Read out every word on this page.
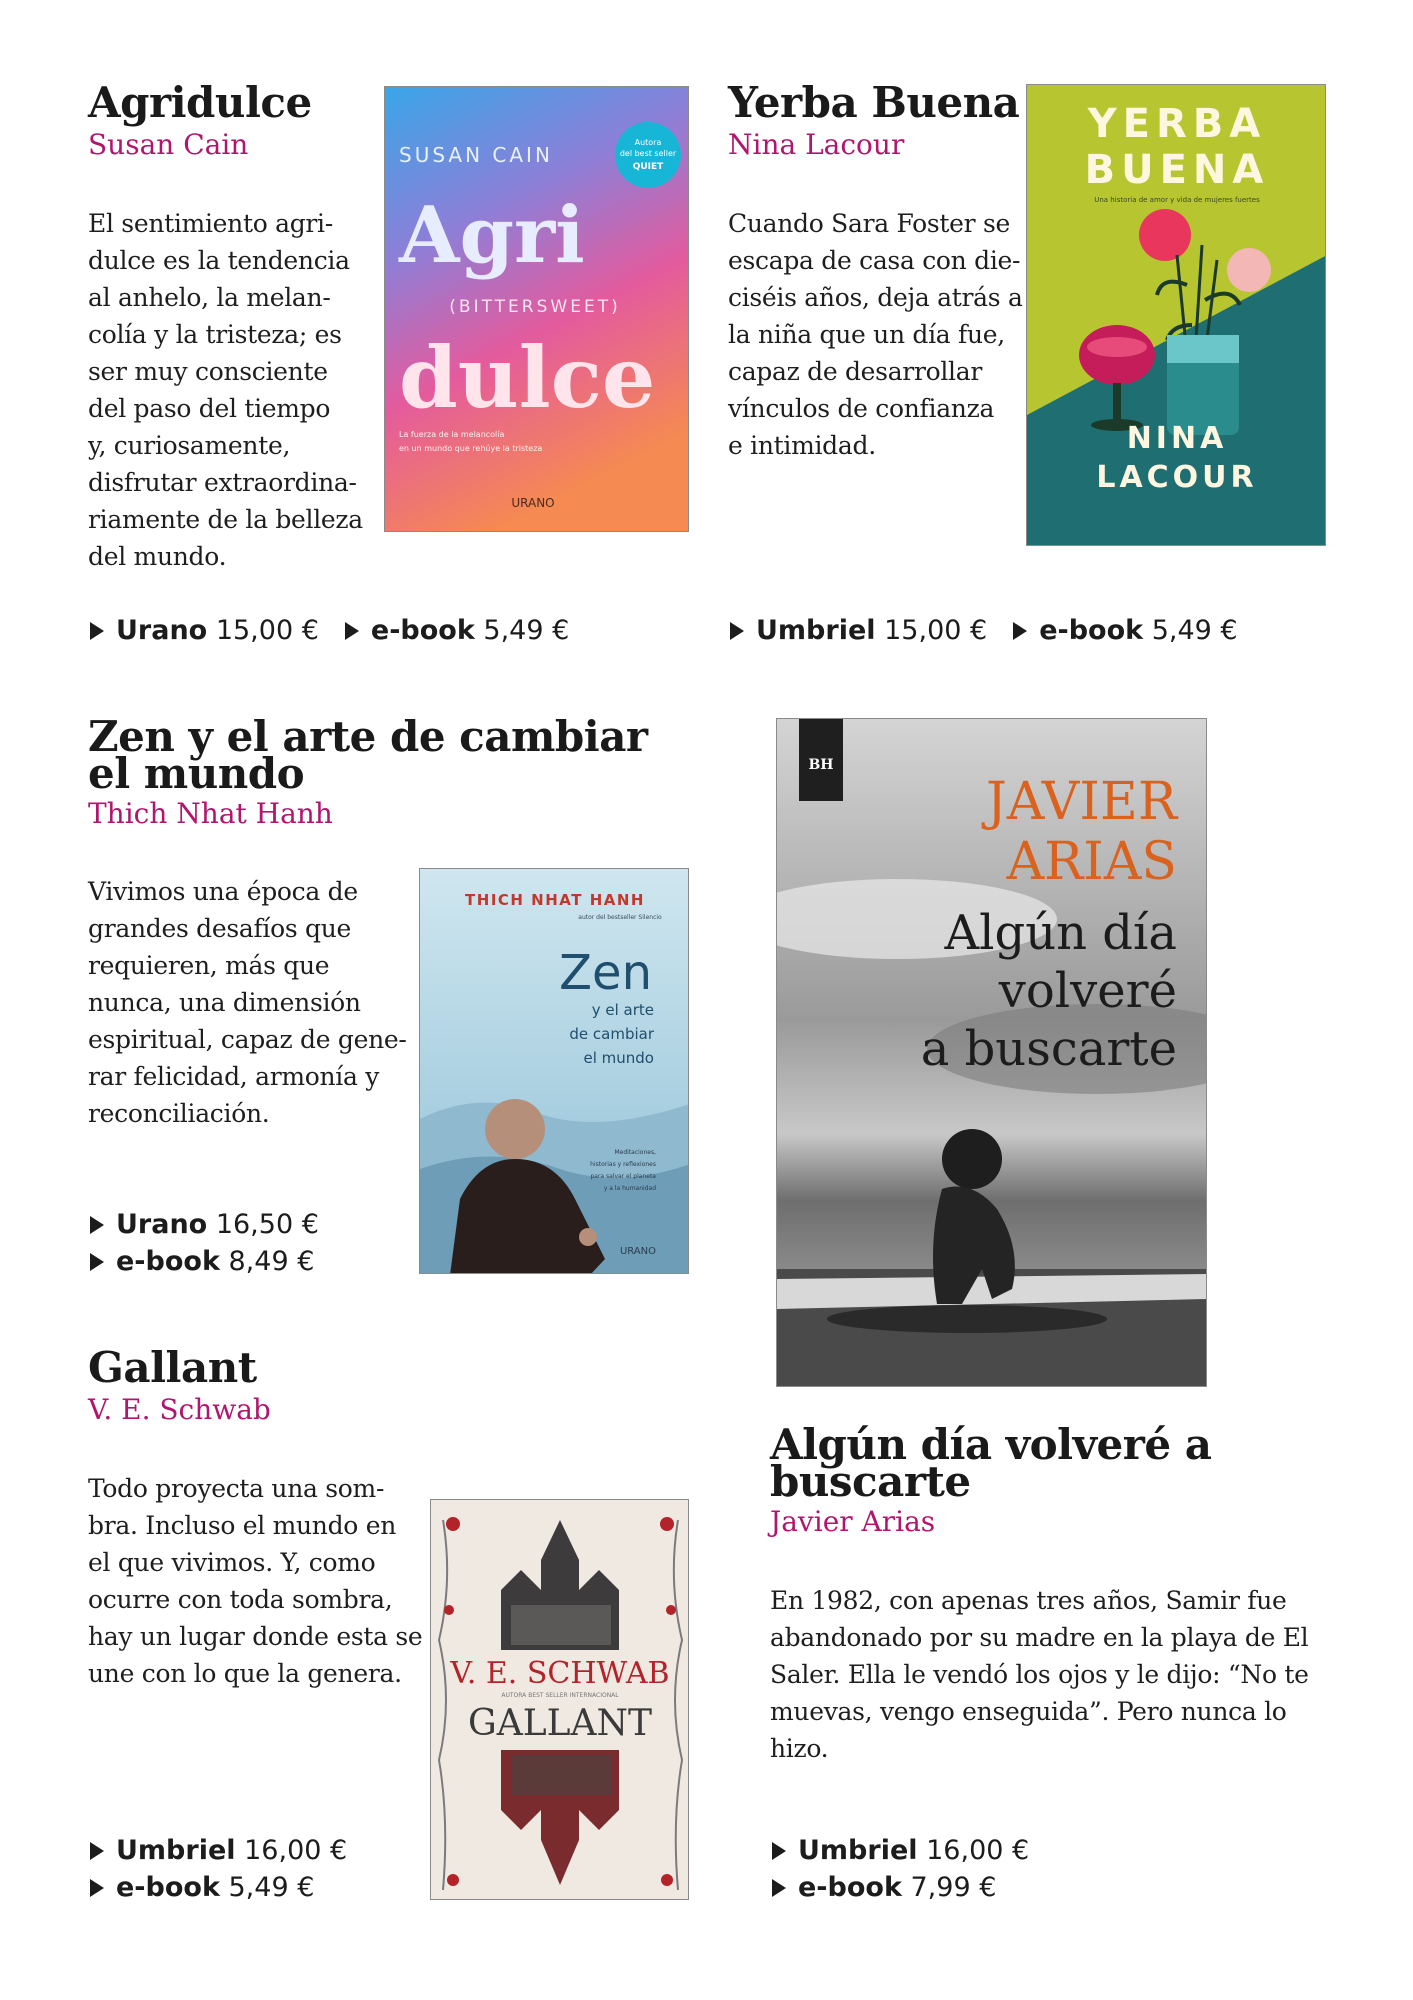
Agridulce
Susan Cain
El sentimiento agri-
dulce es la tendencia
al anhelo, la melan-
colía y la tristeza; es
ser muy consciente
del paso del tiempo
y, curiosamente,
disfrutar extraordina-
riamente de la belleza
del mundo.
Urano 15,00 € e-book 5,49 €
SUSAN CAIN
Autora
del best seller
QUIET
Agri
(BITTERSWEET)
dulce
La fuerza de la melancolía
en un mundo que rehúye la tristeza
URANO
Yerba Buena
Nina Lacour
Cuando Sara Foster se
escapa de casa con die-
ciséis años, deja atrás a
la niña que un día fue,
capaz de desarrollar
vínculos de confianza
e intimidad.
Umbriel 15,00 € e-book 5,49 €
YERBA
BUENA
Una historia de amor y vida de mujeres fuertes
NINA
LACOUR
Zen y el arte de cambiar
el mundo
Thich Nhat Hanh
Vivimos una época de
grandes desafíos que
requieren, más que
nunca, una dimensión
espiritual, capaz de gene-
rar felicidad, armonía y
reconciliación.
Urano 16,50 €
e-book 8,49 €
THICH NHAT HANH
autor del bestseller Silencio
Zen
y el arte
de cambiar
el mundo
Meditaciones,
historias y reflexiones
para salvar el planeta
y a la humanidad
URANO
Gallant
V. E. Schwab
Todo proyecta una som-
bra. Incluso el mundo en
el que vivimos. Y, como
ocurre con toda sombra,
hay un lugar donde esta se
une con lo que la genera.
Umbriel 16,00 €
e-book 5,49 €
V. E. SCHWAB
AUTORA BEST SELLER INTERNACIONAL
GALLANT
BH
JAVIER
ARIAS
Algún día
volveré
a buscarte
Algún día volveré a
buscarte
Javier Arias
En 1982, con apenas tres años, Samir fue
abandonado por su madre en la playa de El
Saler. Ella le vendó los ojos y le dijo: “No te
muevas, vengo enseguida”. Pero nunca lo
hizo.
Umbriel 16,00 €
e-book 7,99 €
